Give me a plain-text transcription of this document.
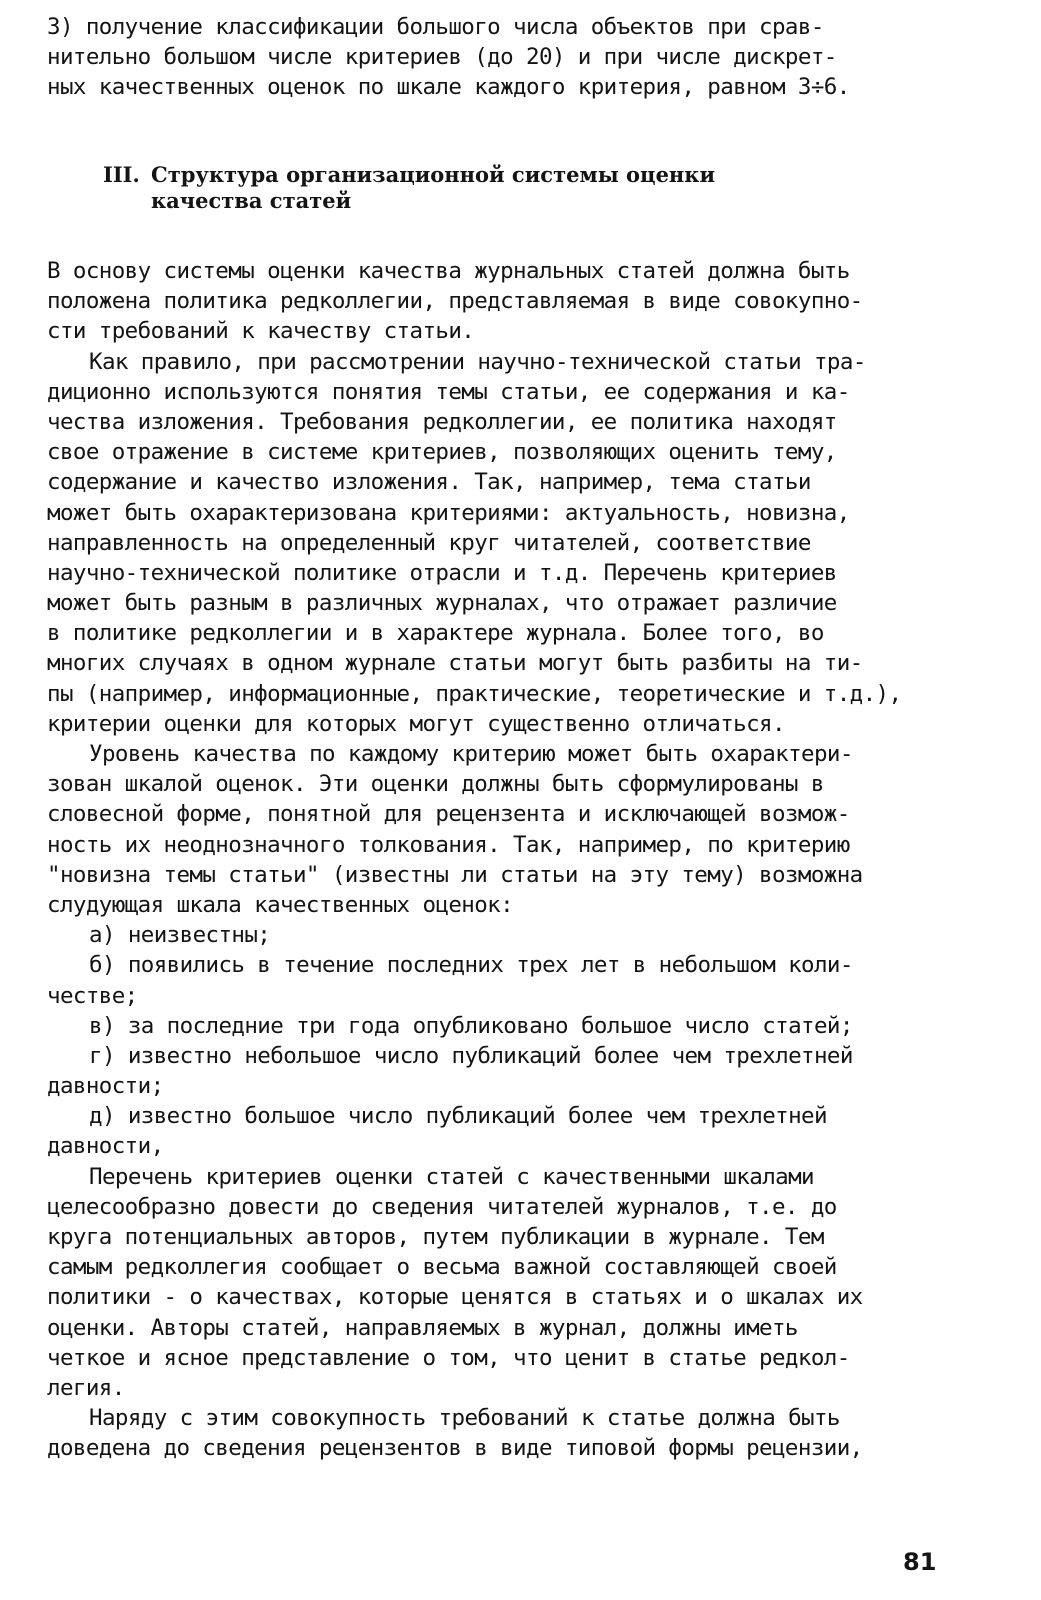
3) получение классификации большого числа объектов при срав-
нительно большом числе критериев (до 20) и при числе дискрет-
ных качественных оценок по шкале каждого критерия, равном 3÷6.
III. Структура организационной системы оценки
качества статей
В основу системы оценки качества журнальных статей должна быть
положена политика редколлегии, представляемая в виде совокупно-
сти требований к качеству статьи.
Как правило, при рассмотрении научно-технической статьи тра-
диционно используются понятия темы статьи, ее содержания и ка-
чества изложения. Требования редколлегии, ее политика находят
свое отражение в системе критериев, позволяющих оценить тему,
содержание и качество изложения. Так, например, тема статьи
может быть охарактеризована критериями: актуальность, новизна,
направленность на определенный круг читателей, соответствие
научно-технической политике отрасли и т.д. Перечень критериев
может быть разным в различных журналах, что отражает различие
в политике редколлегии и в характере журнала. Более того, во
многих случаях в одном журнале статьи могут быть разбиты на ти-
пы (например, информационные, практические, теоретические и т.д.),
критерии оценки для которых могут существенно отличаться.
Уровень качества по каждому критерию может быть охарактери-
зован шкалой оценок. Эти оценки должны быть сформулированы в
словесной форме, понятной для рецензента и исключающей возмож-
ность их неоднозначного толкования. Так, например, по критерию
"новизна темы статьи" (известны ли статьи на эту тему) возможна
слудующая шкала качественных оценок:
а) неизвестны;
б) появились в течение последних трех лет в небольшом коли-
честве;
в) за последние три года опубликовано большое число статей;
г) известно небольшое число публикаций более чем трехлетней
давности;
д) известно большое число публикаций более чем трехлетней
давности,
Перечень критериев оценки статей с качественными шкалами
целесообразно довести до сведения читателей журналов, т.е. до
круга потенциальных авторов, путем публикации в журнале. Тем
самым редколлегия сообщает о весьма важной составляющей своей
политики - о качествах, которые ценятся в статьях и о шкалах их
оценки. Авторы статей, направляемых в журнал, должны иметь
четкое и ясное представление о том, что ценит в статье редкол-
легия.
Наряду с этим совокупность требований к статье должна быть
доведена до сведения рецензентов в виде типовой формы рецензии,
81
